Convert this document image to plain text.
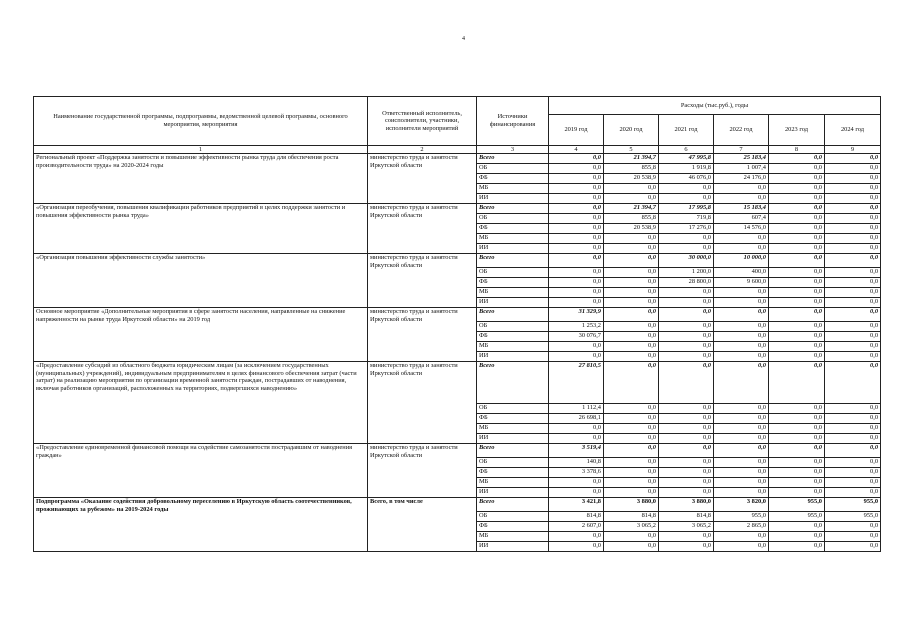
4
Наименование государственной программы, подпрограммы, ведомственной целевой программы, основного мероприятия, мероприятия	Ответственный исполнитель, соисполнители, участники, исполнители мероприятий	Источники финансирования	Расходы (тыс.руб.), годы					
			2019 год	2020 год	2021 год	2022 год	2023 год	2024 год
1	2	3	4	5	6	7	8	9
Региональный проект «Поддержка занятости и повышение эффективности рынка труда для обеспечения роста производительности труда» на 2020-2024 годы	министерство труда и занятости Иркутской области	Всего	0,0	21 394,7	47 995,8	25 183,4	0,0	0,0
		ОБ	0,0	855,8	1 919,8	1 007,4	0,0	0,0
		ФБ	0,0	20 538,9	46 076,0	24 176,0	0,0	0,0
		МБ	0,0	0,0	0,0	0,0	0,0	0,0
		ИИ	0,0	0,0	0,0	0,0	0,0	0,0
«Организация переобучения, повышения квалификации работников предприятий в целях поддержки занятости и повышения эффективности рынка труда»	министерство труда и занятости Иркутской области	Всего	0,0	21 394,7	17 995,8	15 183,4	0,0	0,0
		ОБ	0,0	855,8	719,8	607,4	0,0	0,0
		ФБ	0,0	20 538,9	17 276,0	14 576,0	0,0	0,0
		МБ	0,0	0,0	0,0	0,0	0,0	0,0
		ИИ	0,0	0,0	0,0	0,0	0,0	0,0
«Организация повышения эффективности службы занятости»	министерство труда и занятости Иркутской области	Всего	0,0	0,0	30 000,0	10 000,0	0,0	0,0
		ОБ	0,0	0,0	1 200,0	400,0	0,0	0,0
		ФБ	0,0	0,0	28 800,0	9 600,0	0,0	0,0
		МБ	0,0	0,0	0,0	0,0	0,0	0,0
		ИИ	0,0	0,0	0,0	0,0	0,0	0,0
Основное мероприятие «Дополнительные мероприятия в сфере занятости населения, направленные на снижение напряженности на рынке труда Иркутской области» на 2019 год	министерство труда и занятости Иркутской области	Всего	31 329,9	0,0	0,0	0,0	0,0	0,0
		ОБ	1 253,2	0,0	0,0	0,0	0,0	0,0
		ФБ	30 076,7	0,0	0,0	0,0	0,0	0,0
		МБ	0,0	0,0	0,0	0,0	0,0	0,0
		ИИ	0,0	0,0	0,0	0,0	0,0	0,0
«Предоставление субсидий из областного бюджета юридическим лицам (за исключением государственных (муниципальных) учреждений), индивидуальным предпринимателям в целях финансового обеспечения затрат (части затрат) на реализацию мероприятия по организации временной занятости граждан, пострадавших от наводнения, включая работников организаций, расположенных на территориях, подвергшихся наводнению»	министерство труда и занятости Иркутской области	Всего	27 810,5	0,0	0,0	0,0	0,0	0,0
		ОБ	1 112,4	0,0	0,0	0,0	0,0	0,0
		ФБ	26 698,1	0,0	0,0	0,0	0,0	0,0
		МБ	0,0	0,0	0,0	0,0	0,0	0,0
		ИИ	0,0	0,0	0,0	0,0	0,0	0,0
«Предоставление единовременной финансовой помощи на содействие самозанятости пострадавшим от наводнения граждан»	министерство труда и занятости Иркутской области	Всего	3 519,4	0,0	0,0	0,0	0,0	0,0
		ОБ	140,8	0,0	0,0	0,0	0,0	0,0
		ФБ	3 378,6	0,0	0,0	0,0	0,0	0,0
		МБ	0,0	0,0	0,0	0,0	0,0	0,0
		ИИ	0,0	0,0	0,0	0,0	0,0	0,0
Подпрограмма «Оказание содействия добровольному переселению в Иркутскую область соотечественников, проживающих за рубежом» на 2019-2024 годы	Всего, в том числе	Всего	3 421,8	3 880,0	3 880,0	3 820,0	955,0	955,0
		ОБ	814,8	814,8	814,8	955,0	955,0	955,0
		ФБ	2 607,0	3 065,2	3 065,2	2 865,0	0,0	0,0
		МБ	0,0	0,0	0,0	0,0	0,0	0,0
		ИИ	0,0	0,0	0,0	0,0	0,0	0,0
